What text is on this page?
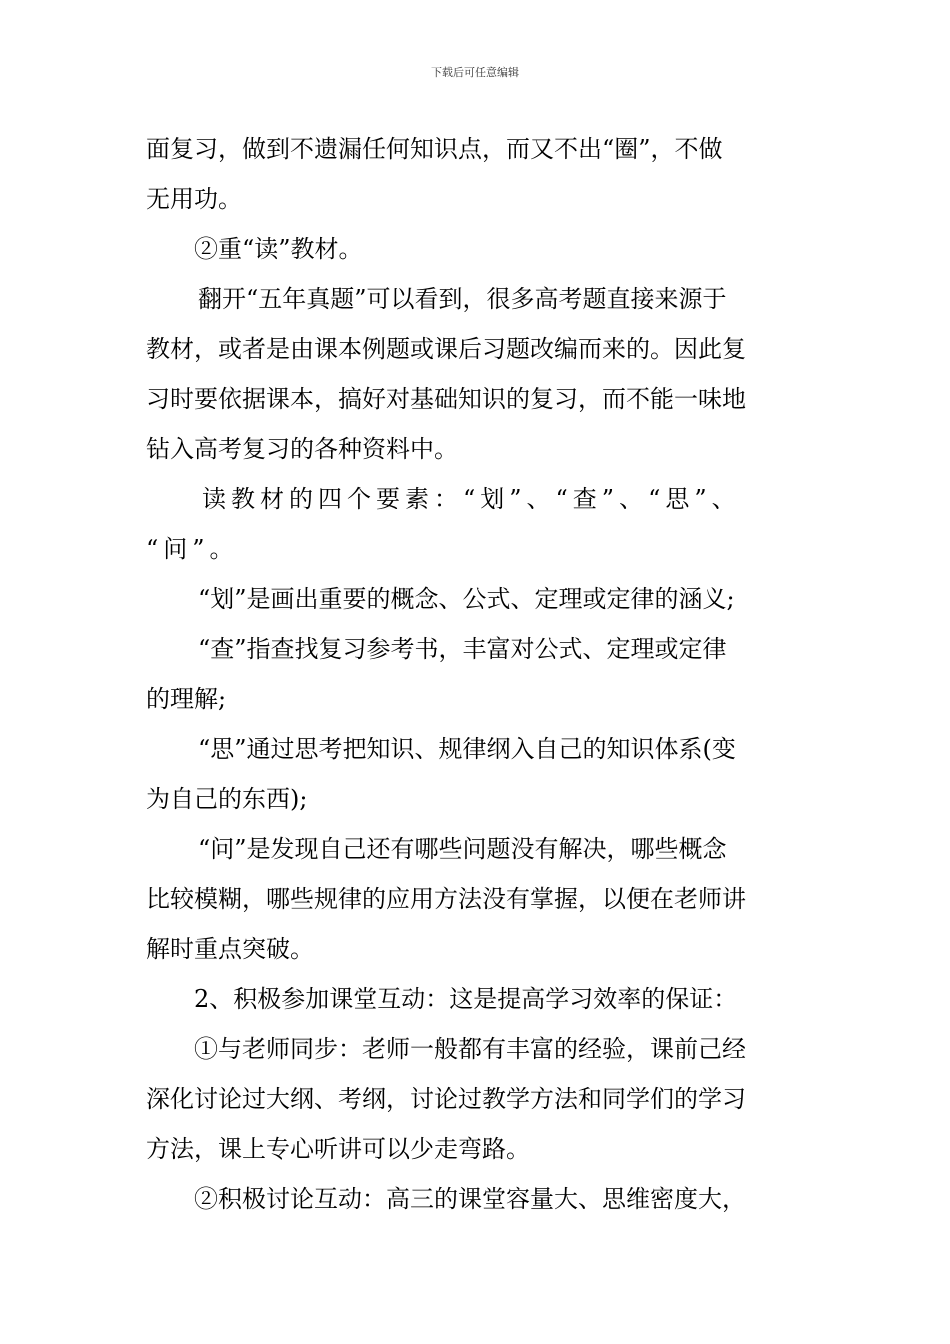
下载后可任意编辑

面复习，做到不遗漏任何知识点，而又不出“圈”，不做
无用功。

②重“读”教材。

翻开“五年真题”可以看到，很多高考题直接来源于
教材，或者是由课本例题或课后习题改编而来的。因此复
习时要依据课本，搞好对基础知识的复习，而不能一味地
钻入高考复习的各种资料中。

读教材的四个要素：“划”、“查”、“思”、
“问”。

“划”是画出重要的概念、公式、定理或定律的涵义;

“查”指查找复习参考书，丰富对公式、定理或定律
的理解;

“思”通过思考把知识、规律纲入自己的知识体系(变
为自己的东西);

“问”是发现自己还有哪些问题没有解决，哪些概念
比较模糊，哪些规律的应用方法没有掌握，以便在老师讲
解时重点突破。

2、积极参加课堂互动：这是提高学习效率的保证：

①与老师同步：老师一般都有丰富的经验，课前己经
深化讨论过大纲、考纲，讨论过教学方法和同学们的学习
方法，课上专心听讲可以少走弯路。

②积极讨论互动：高三的课堂容量大、思维密度大，
